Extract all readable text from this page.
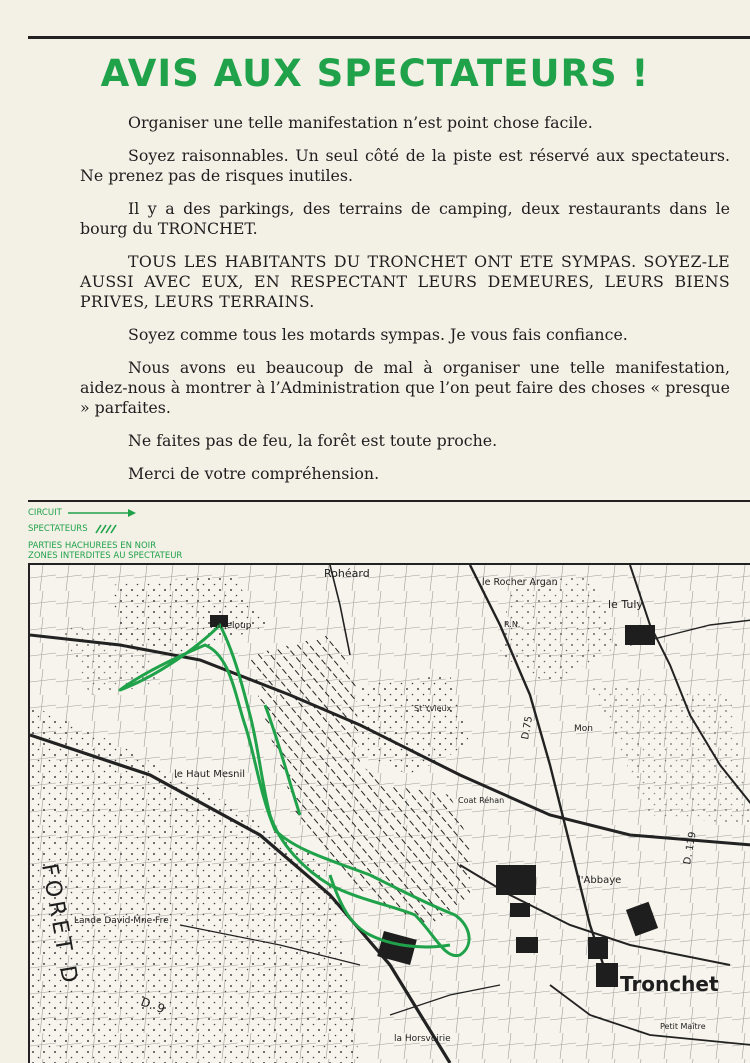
AVIS AUX SPECTATEURS !

Organiser une telle manifestation n’est point chose facile.

Soyez raisonnables. Un seul côté de la piste est réservé aux spectateurs. Ne prenez pas de risques inutiles.

Il y a des parkings, des terrains de camping, deux restaurants dans le bourg du TRONCHET.

TOUS LES HABITANTS DU TRONCHET ONT ETE SYMPAS. SOYEZ-LE AUSSI AVEC EUX, EN RESPECTANT LEURS DEMEURES, LEURS BIENS PRIVES, LEURS TERRAINS.

Soyez comme tous les motards sympas. Je vous fais confiance.

Nous avons eu beaucoup de mal à organiser une telle manifestation, aidez-nous à montrer à l’Administration que l’on peut faire des choses « presque » parfaites.

Ne faites pas de feu, la forêt est toute proche.

Merci de votre compréhension.

CIRCUIT
SPECTATEURS
PARTIES HACHUREES EN NOIR
ZONES INTERDITES AU SPECTATEUR
Rohéard
le Rocher Argan
le Tuly
R.N.
Mirleloup
St Yvieux
D.75	Mon
le Haut Mesnil
Coat Réhan
l'Abbaye
D. 119
Lande David Mne Fre
FORET D	Tronchet
la Horsvoirie
Petit Maître
D. 9
